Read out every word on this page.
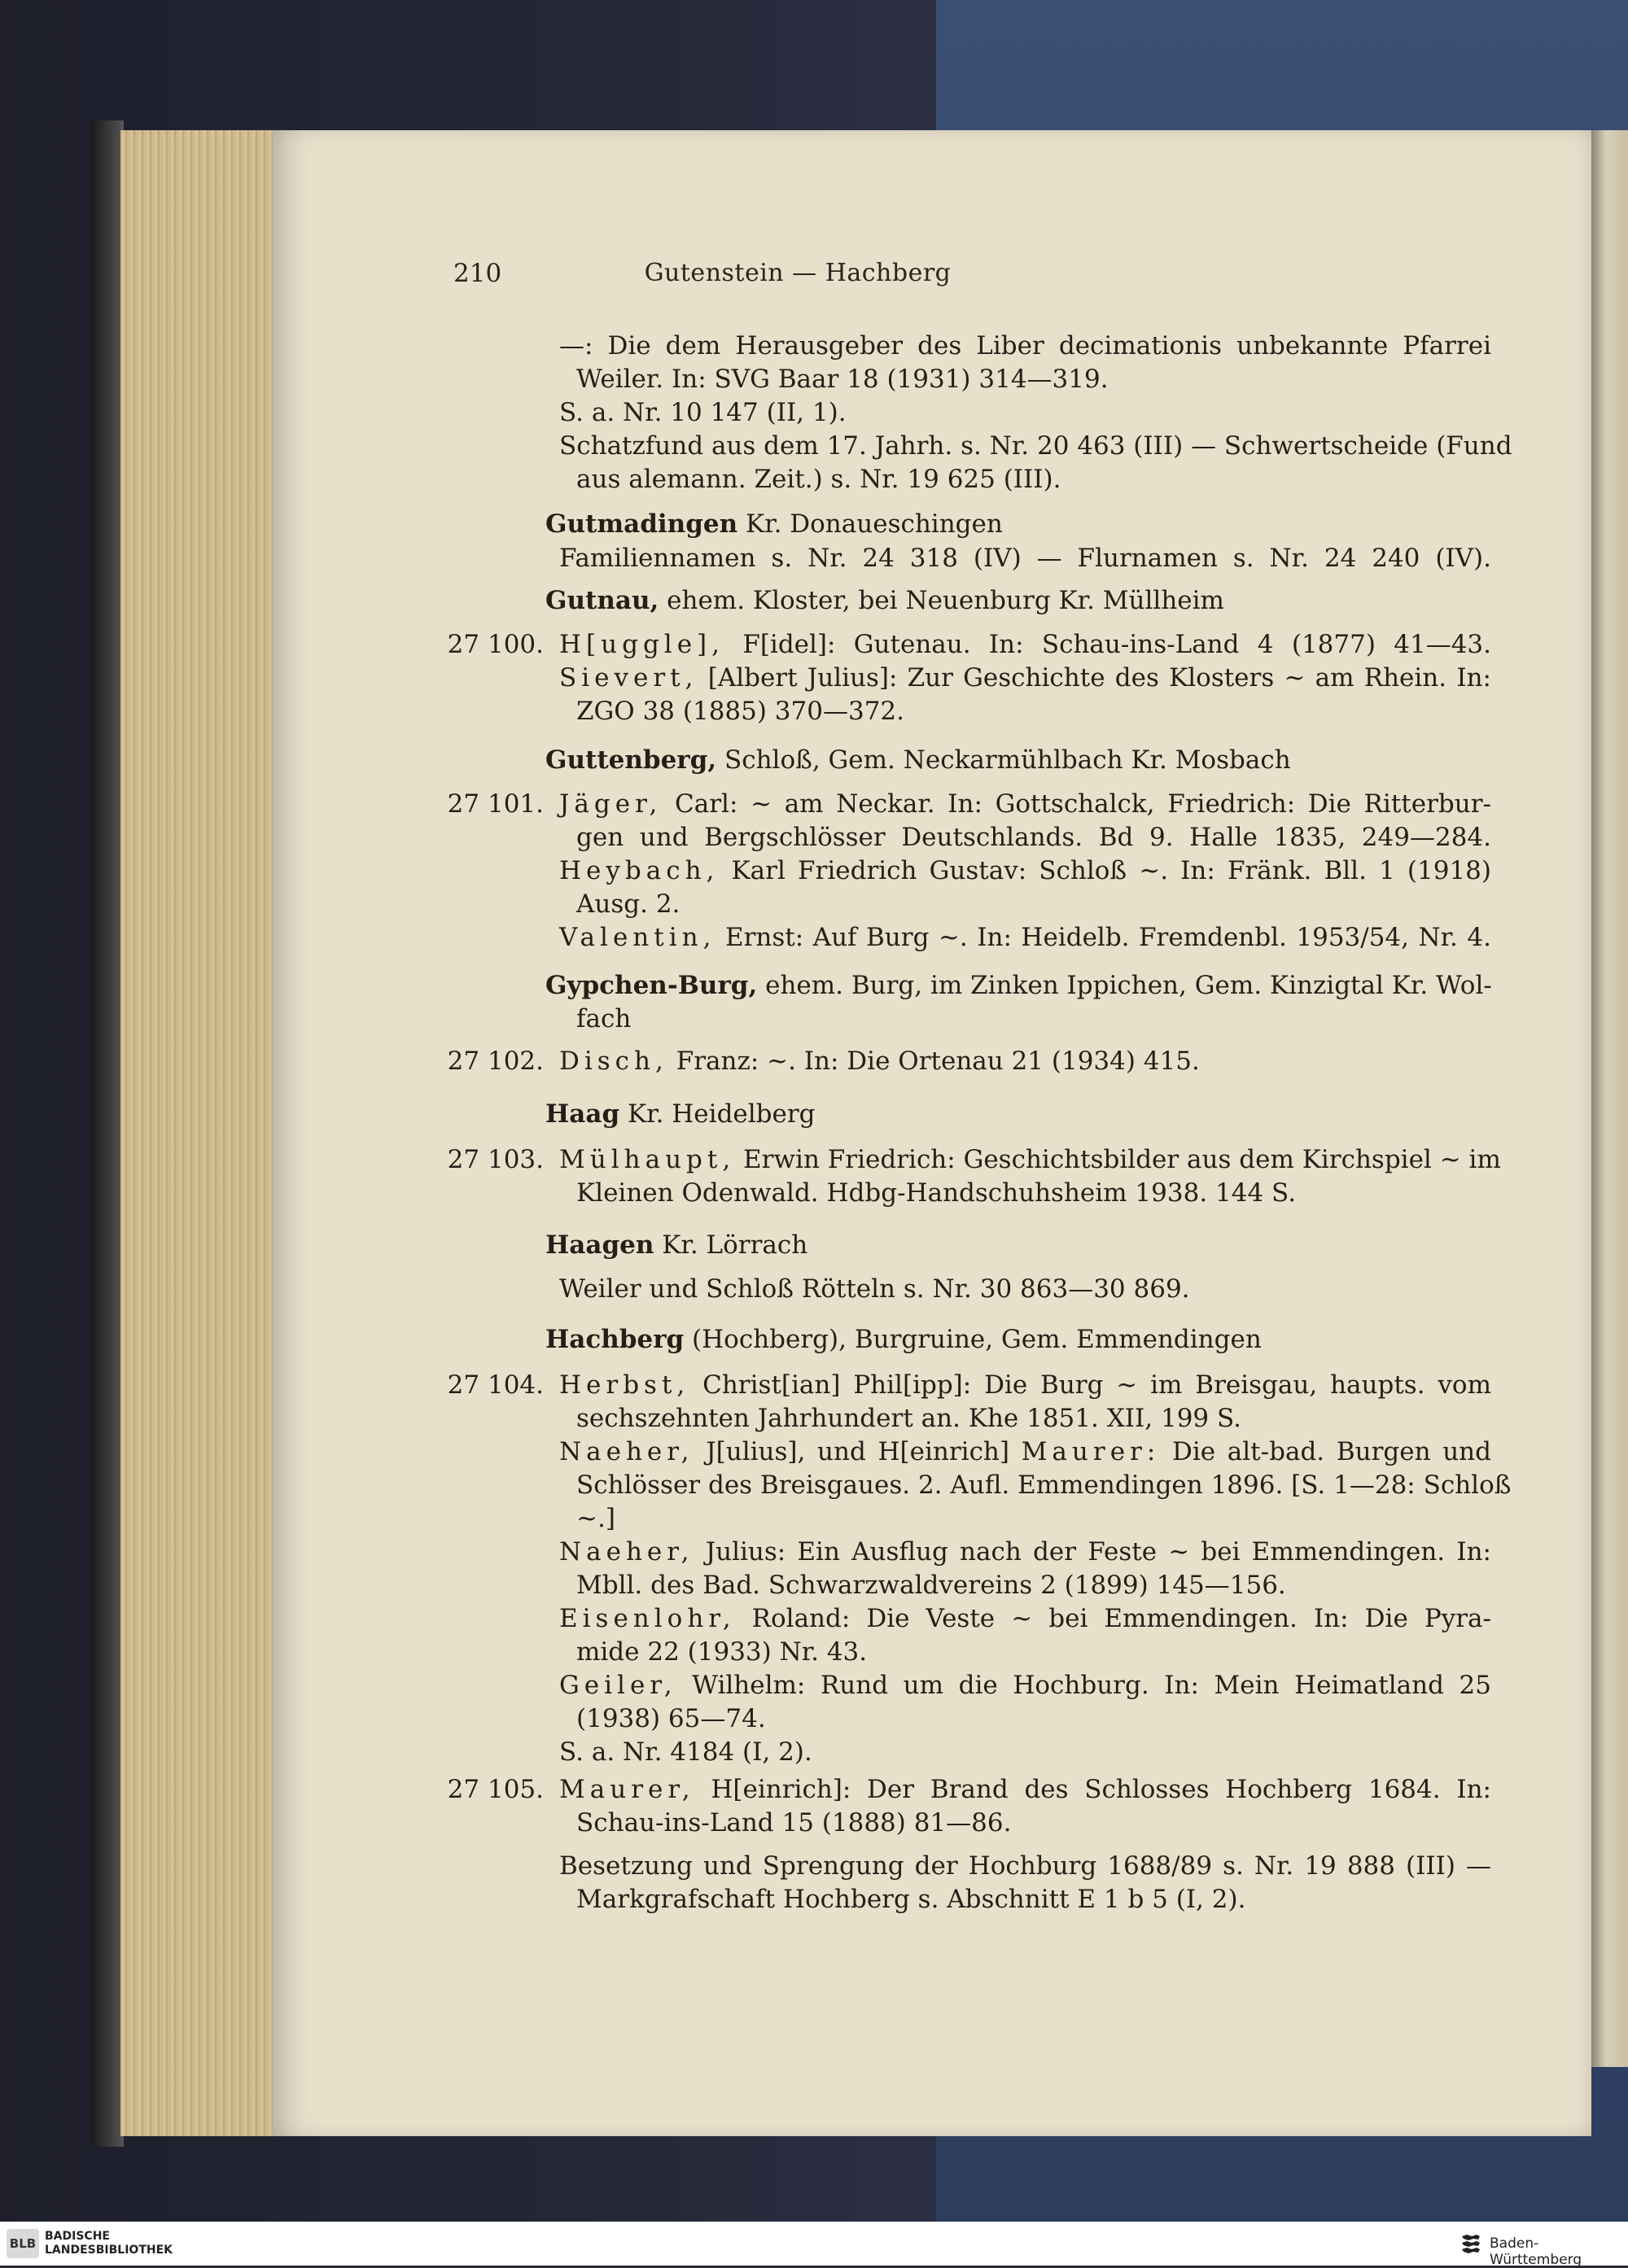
210	Gutenstein — Hachberg
—: Die dem Herausgeber des Liber decimationis unbekannte Pfarrei
Weiler. In: SVG Baar 18 (1931) 314—319.
S. a. Nr. 10 147 (II, 1).
Schatzfund aus dem 17. Jahrh. s. Nr. 20 463 (III) — Schwertscheide (Fund
aus alemann. Zeit.) s. Nr. 19 625 (III).
Gutmadingen Kr. Donaueschingen
Familiennamen s. Nr. 24 318 (IV) — Flurnamen s. Nr. 24 240 (IV).
Gutnau, ehem. Kloster, bei Neuenburg Kr. Müllheim
27 100. H[uggle], F[idel]: Gutenau. In: Schau-ins-Land 4 (1877) 41—43.
Sievert, [Albert Julius]: Zur Geschichte des Klosters ~ am Rhein. In:
ZGO 38 (1885) 370—372.
Guttenberg, Schloß, Gem. Neckarmühlbach Kr. Mosbach
27 101. Jäger, Carl: ~ am Neckar. In: Gottschalck, Friedrich: Die Ritterbur-
gen und Bergschlösser Deutschlands. Bd 9. Halle 1835, 249—284.
Heybach, Karl Friedrich Gustav: Schloß ~. In: Fränk. Bll. 1 (1918)
Ausg. 2.
Valentin, Ernst: Auf Burg ~. In: Heidelb. Fremdenbl. 1953/54, Nr. 4.
Gypchen-Burg, ehem. Burg, im Zinken Ippichen, Gem. Kinzigtal Kr. Wol-
fach
27 102. Disch, Franz: ~. In: Die Ortenau 21 (1934) 415.
Haag Kr. Heidelberg
27 103. Mülhaupt, Erwin Friedrich: Geschichtsbilder aus dem Kirchspiel ~ im
Kleinen Odenwald. Hdbg-Handschuhsheim 1938. 144 S.
Haagen Kr. Lörrach
Weiler und Schloß Rötteln s. Nr. 30 863—30 869.
Hachberg (Hochberg), Burgruine, Gem. Emmendingen
27 104. Herbst, Christ[ian] Phil[ipp]: Die Burg ~ im Breisgau, haupts. vom
sechszehnten Jahrhundert an. Khe 1851. XII, 199 S.
Naeher, J[ulius], und H[einrich] Maurer: Die alt-bad. Burgen und
Schlösser des Breisgaues. 2. Aufl. Emmendingen 1896. [S. 1—28: Schloß
~.]
Naeher, Julius: Ein Ausflug nach der Feste ~ bei Emmendingen. In:
Mbll. des Bad. Schwarzwaldvereins 2 (1899) 145—156.
Eisenlohr, Roland: Die Veste ~ bei Emmendingen. In: Die Pyra-
mide 22 (1933) Nr. 43.
Geiler, Wilhelm: Rund um die Hochburg. In: Mein Heimatland 25
(1938) 65—74.
S. a. Nr. 4184 (I, 2).
27 105. Maurer, H[einrich]: Der Brand des Schlosses Hochberg 1684. In:
Schau-ins-Land 15 (1888) 81—86.
Besetzung und Sprengung der Hochburg 1688/89 s. Nr. 19 888 (III) —
Markgrafschaft Hochberg s. Abschnitt E 1 b 5 (I, 2).
BLB BADISCHE
LANDESBIBLIOTHEK	Baden-Württemberg
